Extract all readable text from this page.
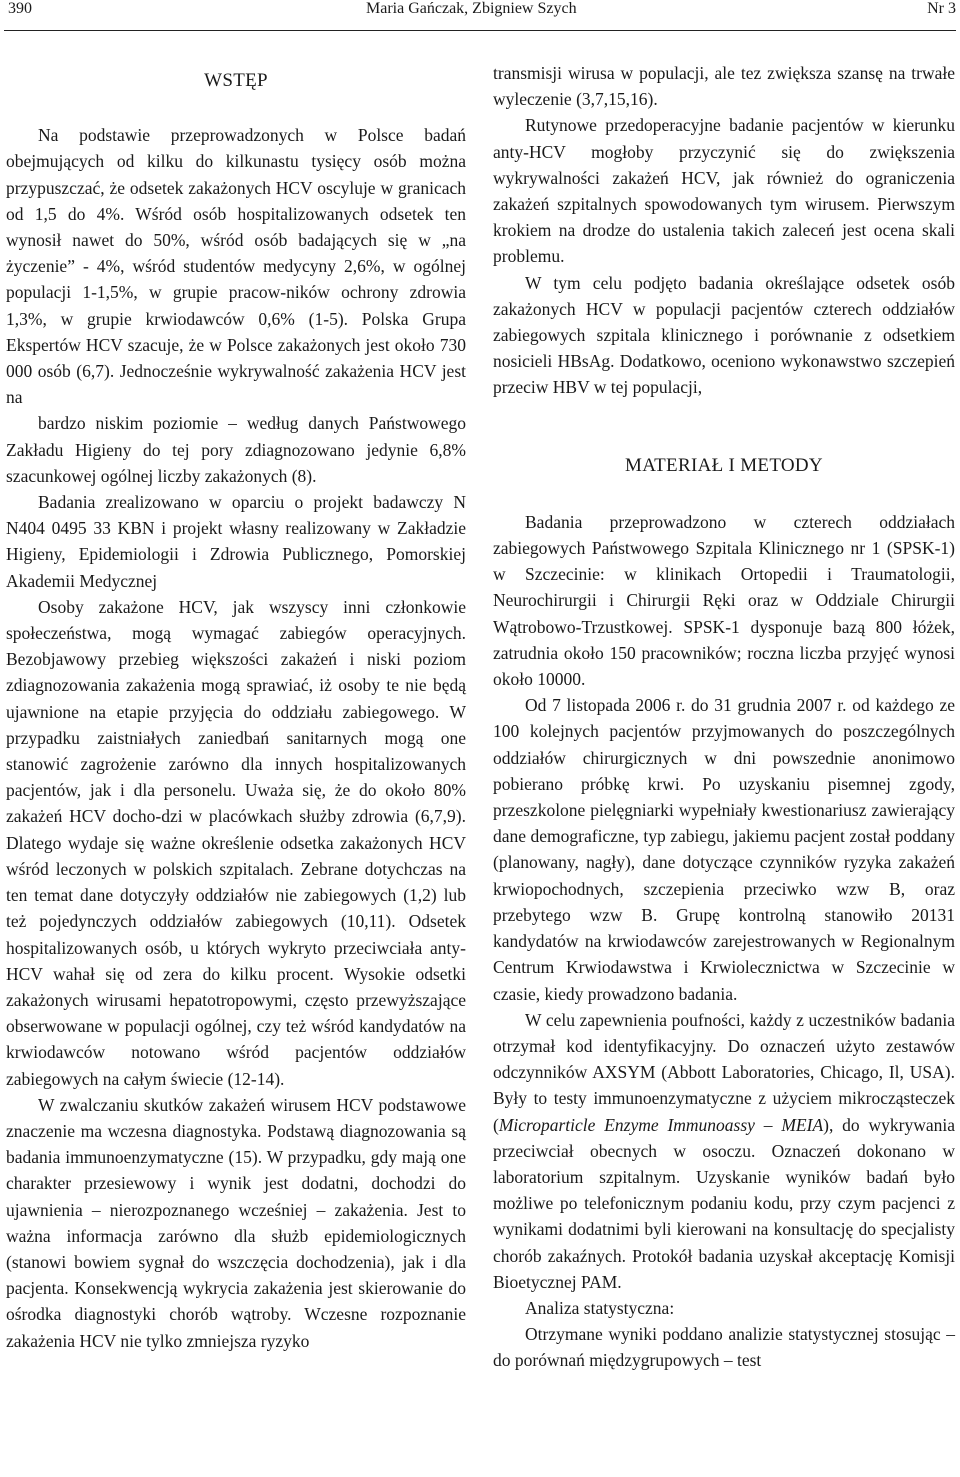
390	Maria Gańczak, Zbigniew Szych	Nr 3
WSTĘP

Na podstawie przeprowadzonych w Polsce badań obejmujących od kilku do kilkunastu tysięcy osób można przypuszczać, że odsetek zakażonych HCV oscyluje w granicach od 1,5 do 4%. Wśród osób hospitalizowanych odsetek ten wynosił nawet do 50%, wśród osób badających się w „na życzenie” - 4%, wśród studentów medycyny 2,6%, w ogólnej populacji 1-1,5%, w grupie pracow-ników ochrony zdrowia 1,3%, w grupie krwiodawców 0,6% (1-5). Polska Grupa Ekspertów HCV szacuje, że w Polsce zakażonych jest około 730 000 osób (6,7). Jednocześnie wykrywalność zakażenia HCV jest na

bardzo niskim poziomie – według danych Państwowego Zakładu Higieny do tej pory zdiagnozowano jedynie 6,8% szacunkowej ogólnej liczby zakażonych (8).

Badania zrealizowano w oparciu o projekt badawczy N N404 0495 33 KBN i projekt własny realizowany w Zakładzie Higieny, Epidemiologii i Zdrowia Publicznego, Pomorskiej Akademii Medycznej

Osoby zakażone HCV, jak wszyscy inni członkowie społeczeństwa, mogą wymagać zabiegów operacyjnych. Bezobjawowy przebieg większości zakażeń i niski poziom zdiagnozowania zakażenia mogą sprawiać, iż osoby te nie będą ujawnione na etapie przyjęcia do oddziału zabiegowego. W przypadku zaistniałych zaniedbań sanitarnych mogą one stanowić zagrożenie zarówno dla innych hospitalizowanych pacjentów, jak i dla personelu. Uważa się, że do około 80% zakażeń HCV docho-dzi w placówkach służby zdrowia (6,7,9). Dlatego wydaje się ważne określenie odsetka zakażonych HCV wśród leczonych w polskich szpitalach. Zebrane dotychczas na ten temat dane dotyczyły oddziałów nie zabiegowych (1,2) lub też pojedynczych oddziałów zabiegowych (10,11). Odsetek hospitalizowanych osób, u których wykryto przeciwciała anty-HCV wahał się od zera do kilku procent. Wysokie odsetki zakażonych wirusami hepatotropowymi, często przewyższające obserwowane w populacji ogólnej, czy też wśród kandydatów na krwiodawców notowano wśród pacjentów oddziałów zabiegowych na całym świecie (12-14).

W zwalczaniu skutków zakażeń wirusem HCV podstawowe znaczenie ma wczesna diagnostyka. Podstawą diagnozowania są badania immunoenzymatyczne (15). W przypadku, gdy mają one charakter przesiewowy i wynik jest dodatni, dochodzi do ujawnienia – nierozpoznanego wcześniej – zakażenia. Jest to ważna informacja zarówno dla służb epidemiologicznych (stanowi bowiem sygnał do wszczęcia dochodzenia), jak i dla pacjenta. Konsekwencją wykrycia zakażenia jest skierowanie do ośrodka diagnostyki chorób wątroby. Wczesne rozpoznanie zakażenia HCV nie tylko zmniejsza ryzyko

transmisji wirusa w populacji, ale tez zwiększa szansę na trwałe wyleczenie (3,7,15,16).

Rutynowe przedoperacyjne badanie pacjentów w kierunku anty-HCV mogłoby przyczynić się do zwiększenia wykrywalności zakażeń HCV, jak również do ograniczenia zakażeń szpitalnych spowodowanych tym wirusem. Pierwszym krokiem na drodze do ustalenia takich zaleceń jest ocena skali problemu.

W tym celu podjęto badania określające odsetek osób zakażonych HCV w populacji pacjentów czterech oddziałów zabiegowych szpitala klinicznego i porównanie z odsetkiem nosicieli HBsAg. Dodatkowo, oceniono wykonawstwo szczepień przeciw HBV w tej populacji,

MATERIAŁ I METODY

Badania przeprowadzono w czterech oddziałach zabiegowych Państwowego Szpitala Klinicznego nr 1 (SPSK-1) w Szczecinie: w klinikach Ortopedii i Traumatologii, Neurochirurgii i Chirurgii Ręki oraz w Oddziale Chirurgii Wątrobowo-Trzustkowej. SPSK-1 dysponuje bazą 800 łóżek, zatrudnia około 150 pracowników; roczna liczba przyjęć wynosi około 10000.

Od 7 listopada 2006 r. do 31 grudnia 2007 r. od każdego ze 100 kolejnych pacjentów przyjmowanych do poszczególnych oddziałów chirurgicznych w dni powszednie anonimowo pobierano próbkę krwi. Po uzyskaniu pisemnej zgody, przeszkolone pielęgniarki wypełniały kwestionariusz zawierający dane demograficzne, typ zabiegu, jakiemu pacjent został poddany (planowany, nagły), dane dotyczące czynników ryzyka zakażeń krwiopochodnych, szczepienia przeciwko wzw B, oraz przebytego wzw B. Grupę kontrolną stanowiło 20131 kandydatów na krwiodawców zarejestrowanych w Regionalnym Centrum Krwiodawstwa i Krwiolecznictwa w Szczecinie w czasie, kiedy prowadzono badania.

W celu zapewnienia poufności, każdy z uczestników badania otrzymał kod identyfikacyjny. Do oznaczeń użyto zestawów odczynników AXSYM (Abbott Laboratories, Chicago, Il, USA). Były to testy immunoenzymatyczne z użyciem mikrocząsteczek (Microparticle Enzyme Immunoassy – MEIA), do wykrywania przeciwciał obecnych w osoczu. Oznaczeń dokonano w laboratorium szpitalnym. Uzyskanie wyników badań było możliwe po telefonicznym podaniu kodu, przy czym pacjenci z wynikami dodatnimi byli kierowani na konsultację do specjalisty chorób zakaźnych. Protokół badania uzyskał akceptację Komisji Bioetycznej PAM.

Analiza statystyczna:

Otrzymane wyniki poddano analizie statystycznej stosując – do porównań międzygrupowych – test
